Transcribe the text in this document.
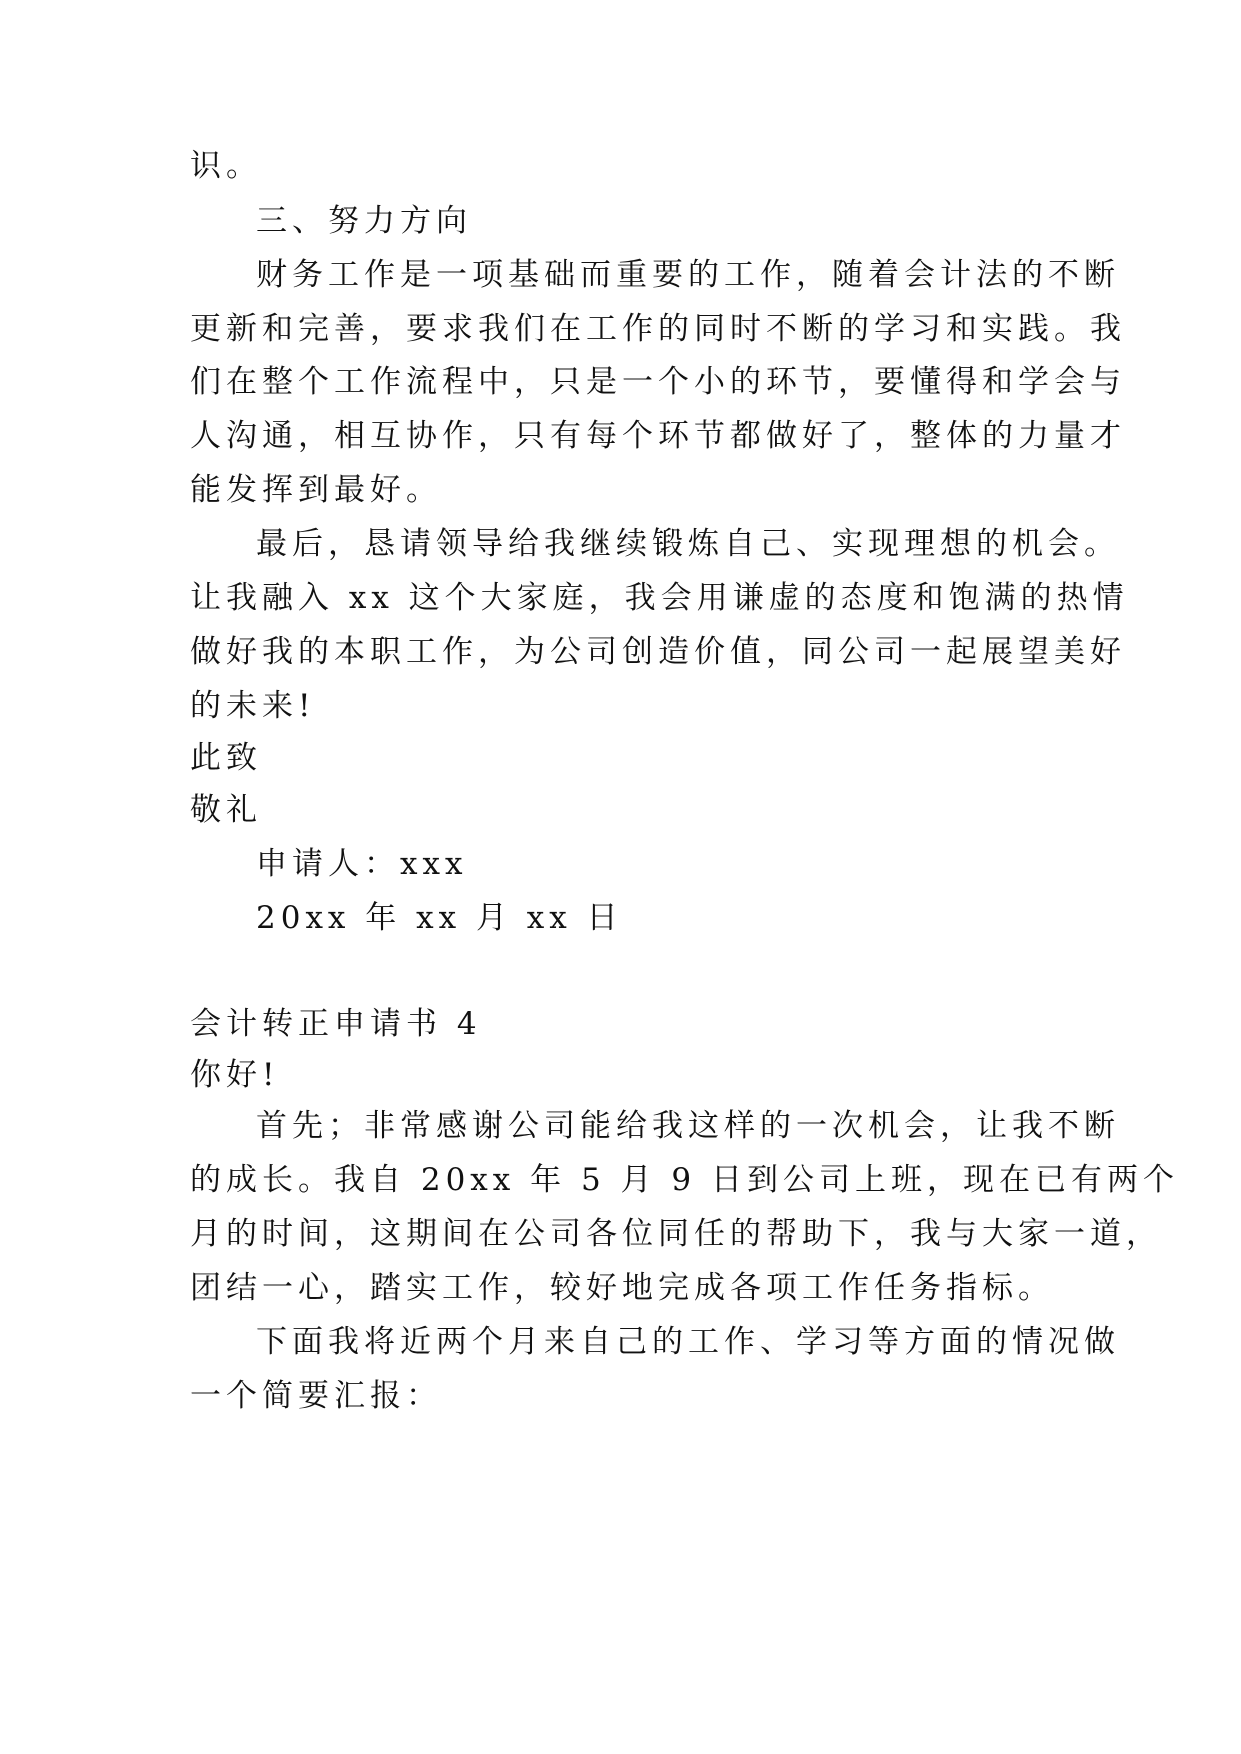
识。
三、努力方向
财务工作是一项基础而重要的工作，随着会计法的不断
更新和完善，要求我们在工作的同时不断的学习和实践。我
们在整个工作流程中，只是一个小的环节，要懂得和学会与
人沟通，相互协作，只有每个环节都做好了，整体的力量才
能发挥到最好。
最后，恳请领导给我继续锻炼自己、实现理想的机会。
让我融入 xx 这个大家庭，我会用谦虚的态度和饱满的热情
做好我的本职工作，为公司创造价值，同公司一起展望美好
的未来!
此致
敬礼
申请人：xxx
20xx 年 xx 月 xx 日
会计转正申请书 4
你好!
首先；非常感谢公司能给我这样的一次机会，让我不断
的成长。我自 20xx 年 5 月 9 日到公司上班，现在已有两个
月的时间，这期间在公司各位同任的帮助下，我与大家一道，
团结一心，踏实工作，较好地完成各项工作任务指标。
下面我将近两个月来自己的工作、学习等方面的情况做
一个简要汇报：
